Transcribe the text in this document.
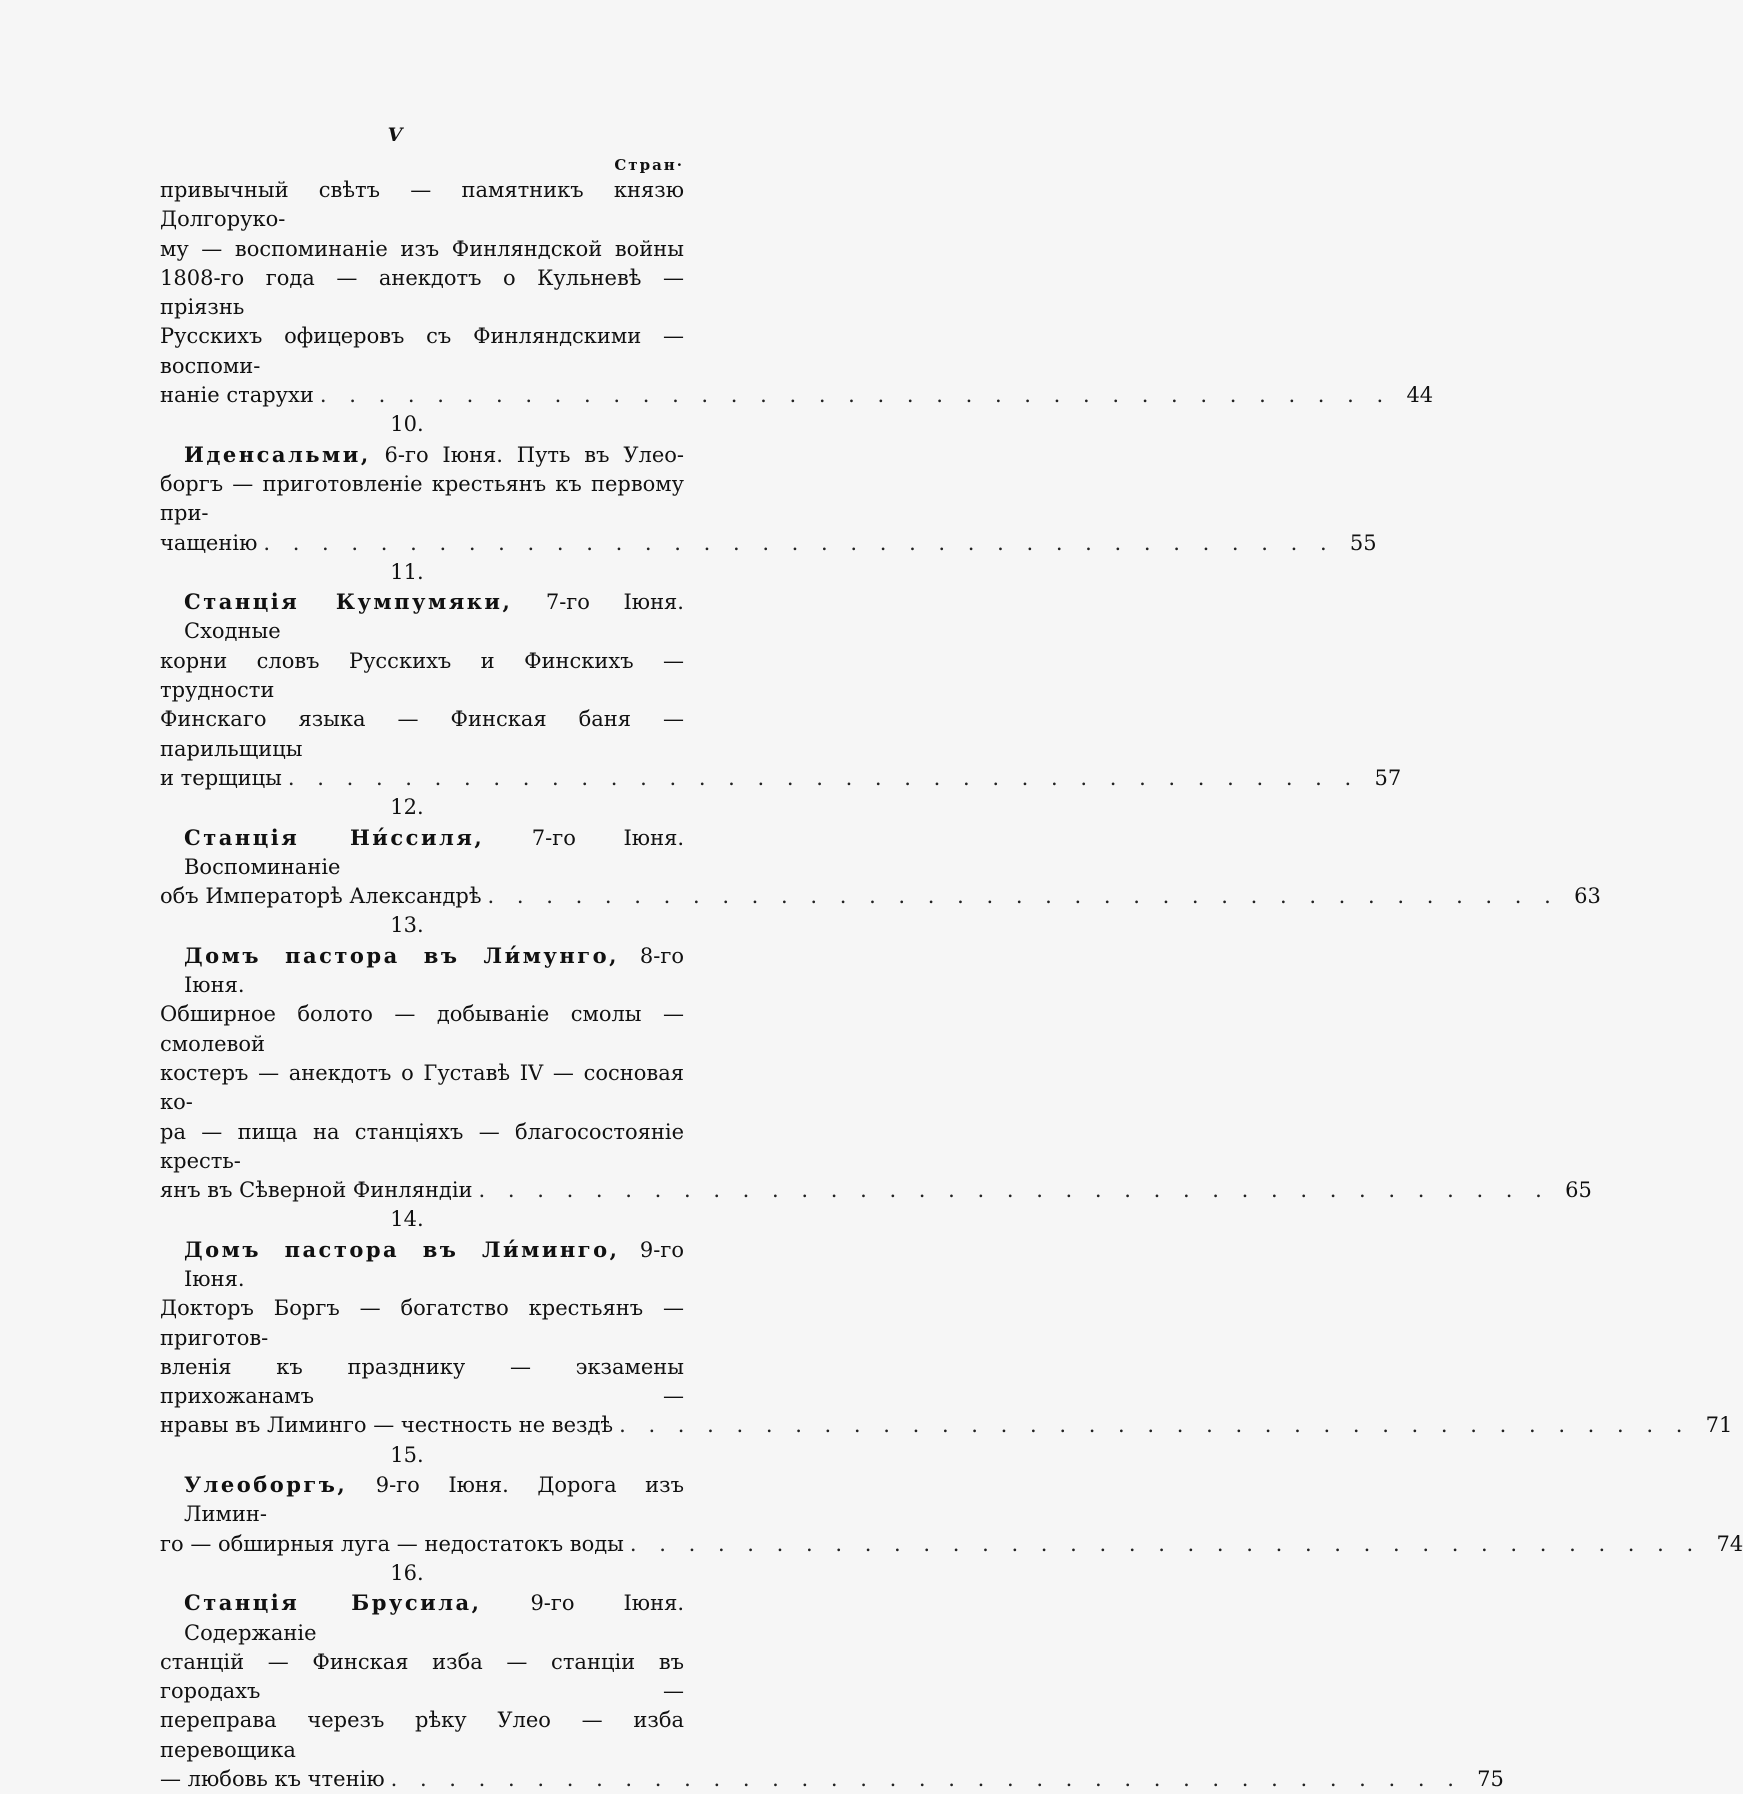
V
Стран·
привычный свѣтъ — памятникъ князю Долгоруко-
му — воспоминаніе изъ Финляндской войны
1808-го года — анекдотъ о Кульневѣ — пріязнь
Русскихъ офицеровъ съ Финляндскими — воспоми-
наніе старухи . . . . . . . . . . . . . . . . . . . . . . . . . . . . . . . . . . . . . 44
10.
Иденсальми, 6-го Іюня. Путь въ Улео-
боргъ — приготовленіе крестьянъ къ первому при-
чащенію . . . . . . . . . . . . . . . . . . . . . . . . . . . . . . . . . . . . . 55
11.
Станція Кумпумяки, 7-го Іюня. Сходные
корни словъ Русскихъ и Финскихъ — трудности
Финскаго языка — Финская баня — парильщицы
и терщицы . . . . . . . . . . . . . . . . . . . . . . . . . . . . . . . . . . . . . 57
12.
Станція Ни́ссиля, 7-го Іюня. Воспоминаніе
объ Императорѣ Александрѣ . . . . . . . . . . . . . . . . . . . . . . . . . . . . . . . . . . . . . 63
13.
Домъ пастора въ Ли́мунго, 8-го Іюня.
Обширное болото — добываніе смолы — смолевой
костеръ — анекдотъ о Густавѣ IV — сосновая ко-
ра — пища на станціяхъ — благосостояніе кресть-
янъ въ Сѣверной Финляндіи . . . . . . . . . . . . . . . . . . . . . . . . . . . . . . . . . . . . . 65
14.
Домъ пастора въ Ли́минго, 9-го Іюня.
Докторъ Боргъ — богатство крестьянъ — приготов-
вленія къ празднику — экзамены прихожанамъ —
нравы въ Лиминго — честность не вездѣ . . . . . . . . . . . . . . . . . . . . . . . . . . . . . . . . . . . . . 71
15.
Улеоборгъ, 9-го Іюня. Дорога изъ Лимин-
го — обширныя луга — недостатокъ воды . . . . . . . . . . . . . . . . . . . . . . . . . . . . . . . . . . . . . 74
16.
Станція Брусила, 9-го Іюня. Содержаніе
станцій — Финская изба — станціи въ городахъ —
переправа черезъ рѣку Улео — изба перевощика
— любовь къ чтенію . . . . . . . . . . . . . . . . . . . . . . . . . . . . . . . . . . . . . 75
